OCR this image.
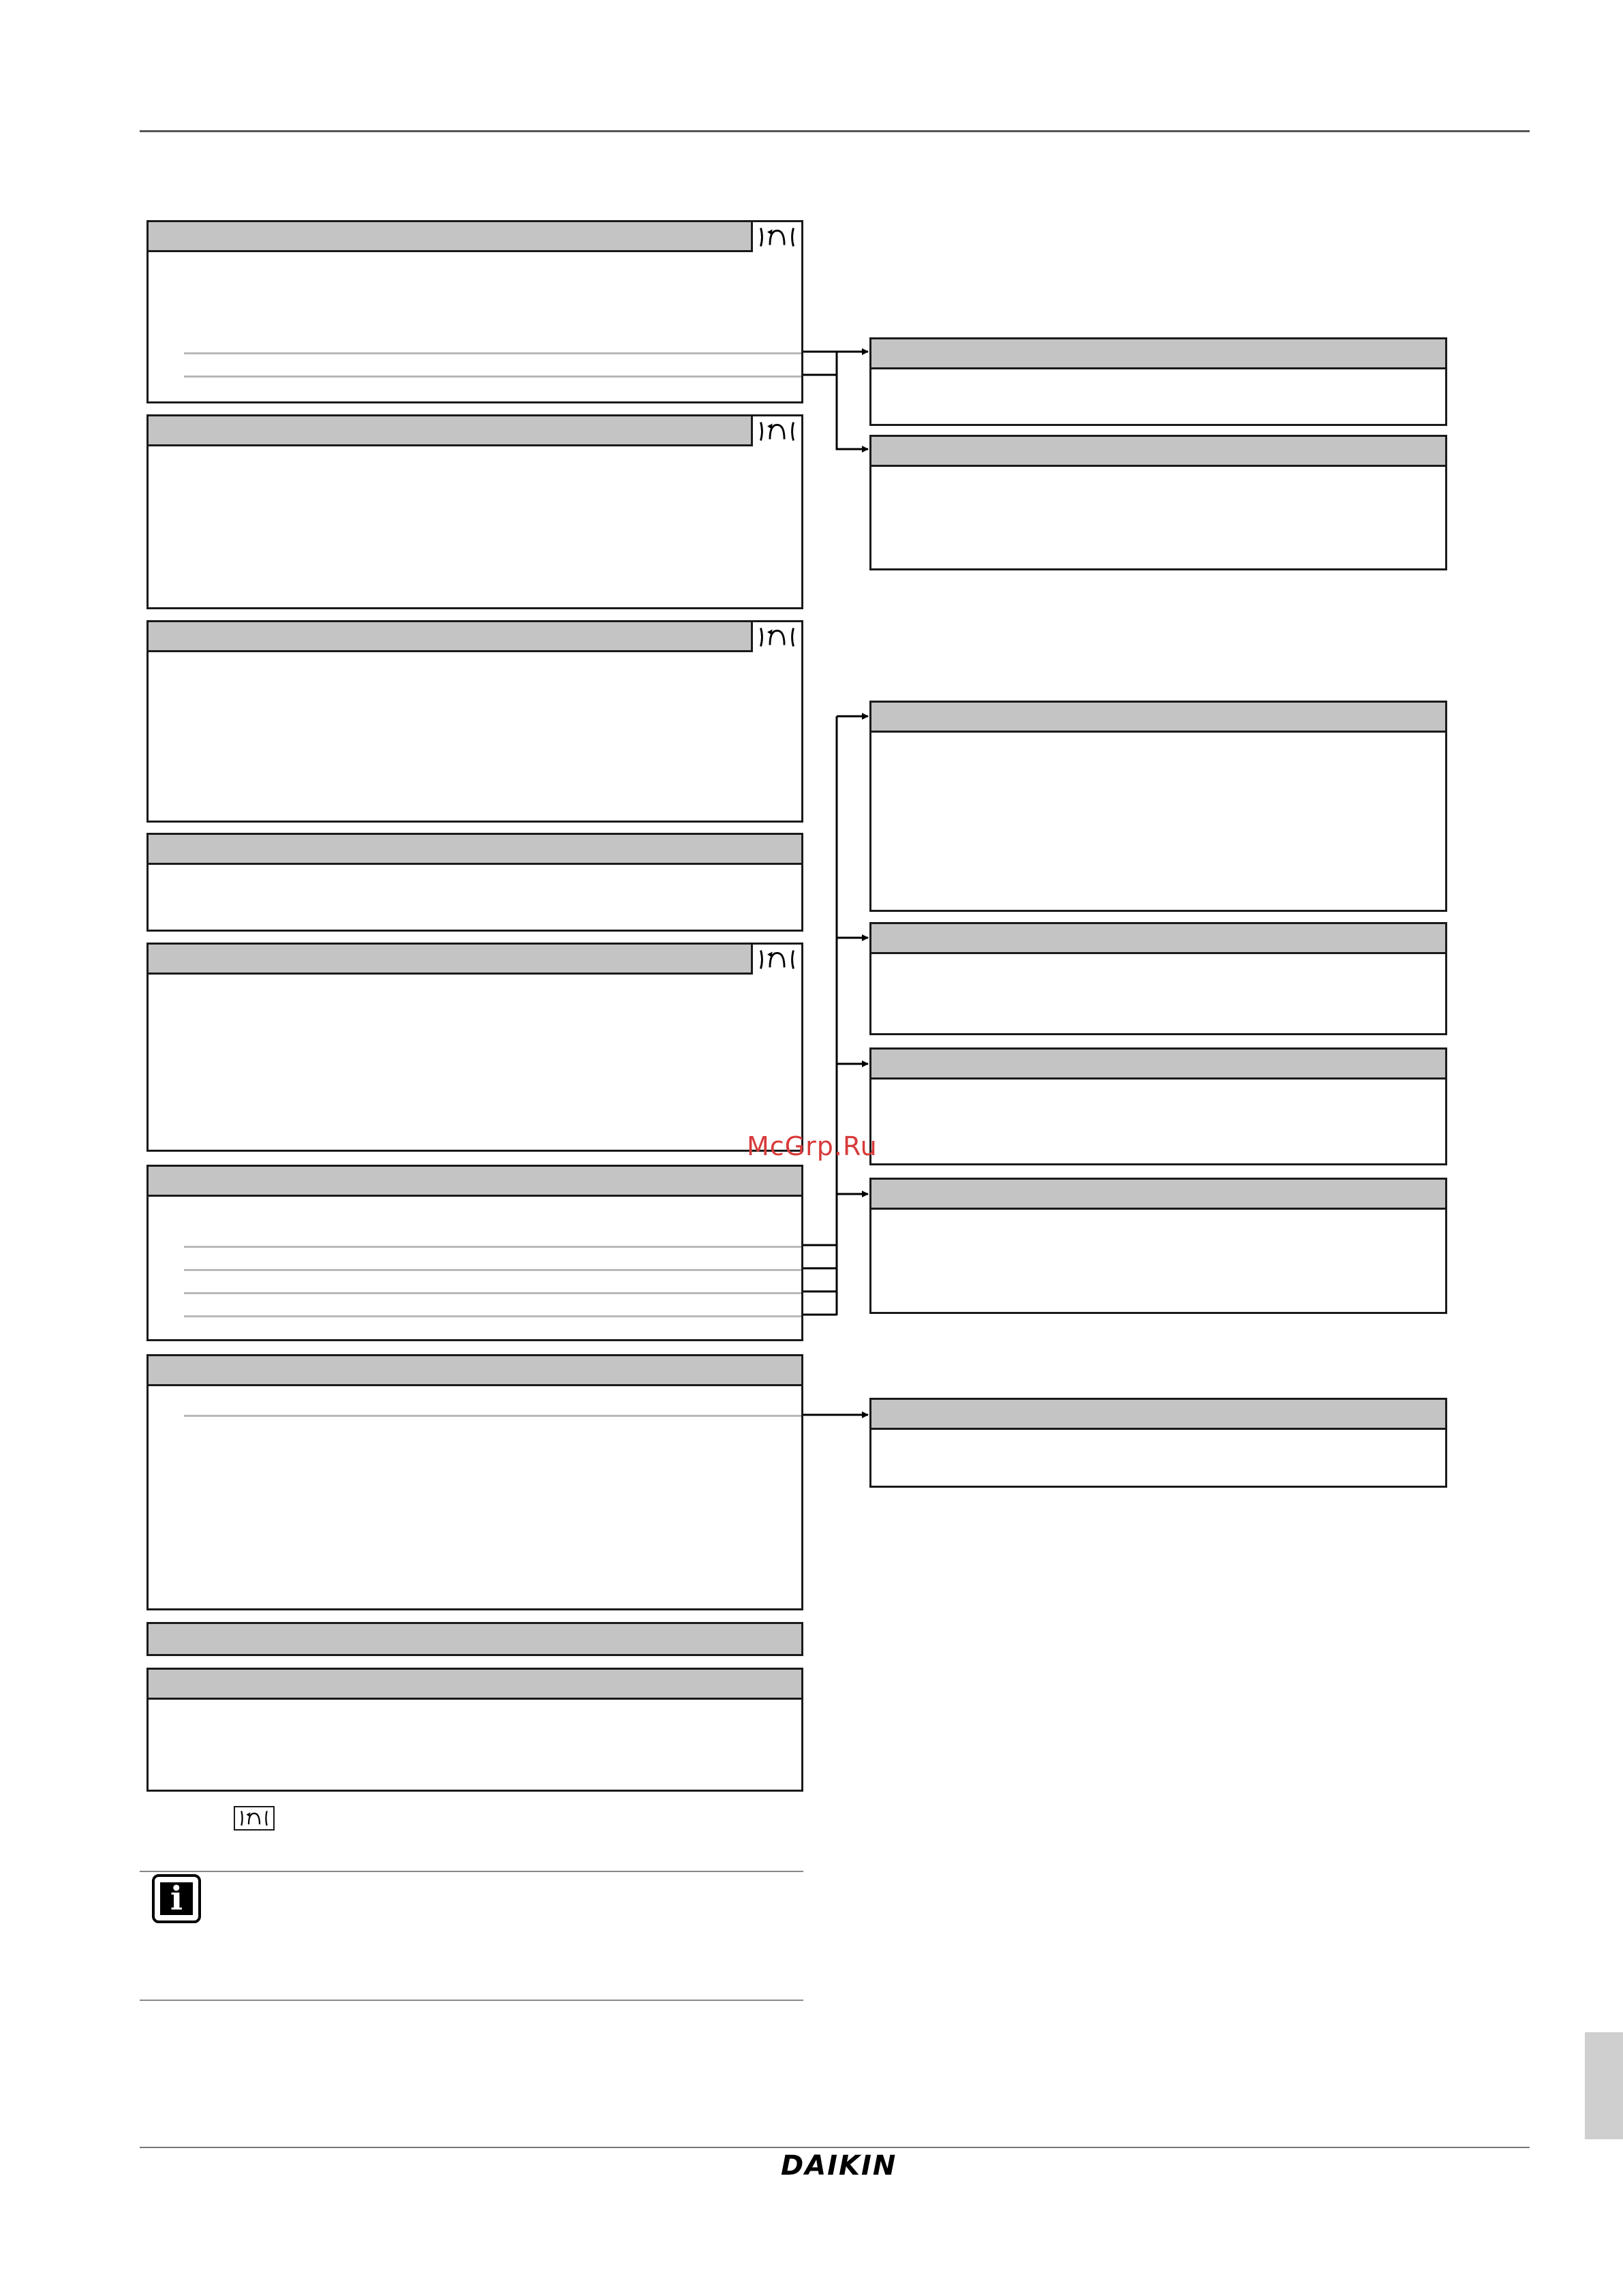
i
McGrp.Ru
DAIKIN
